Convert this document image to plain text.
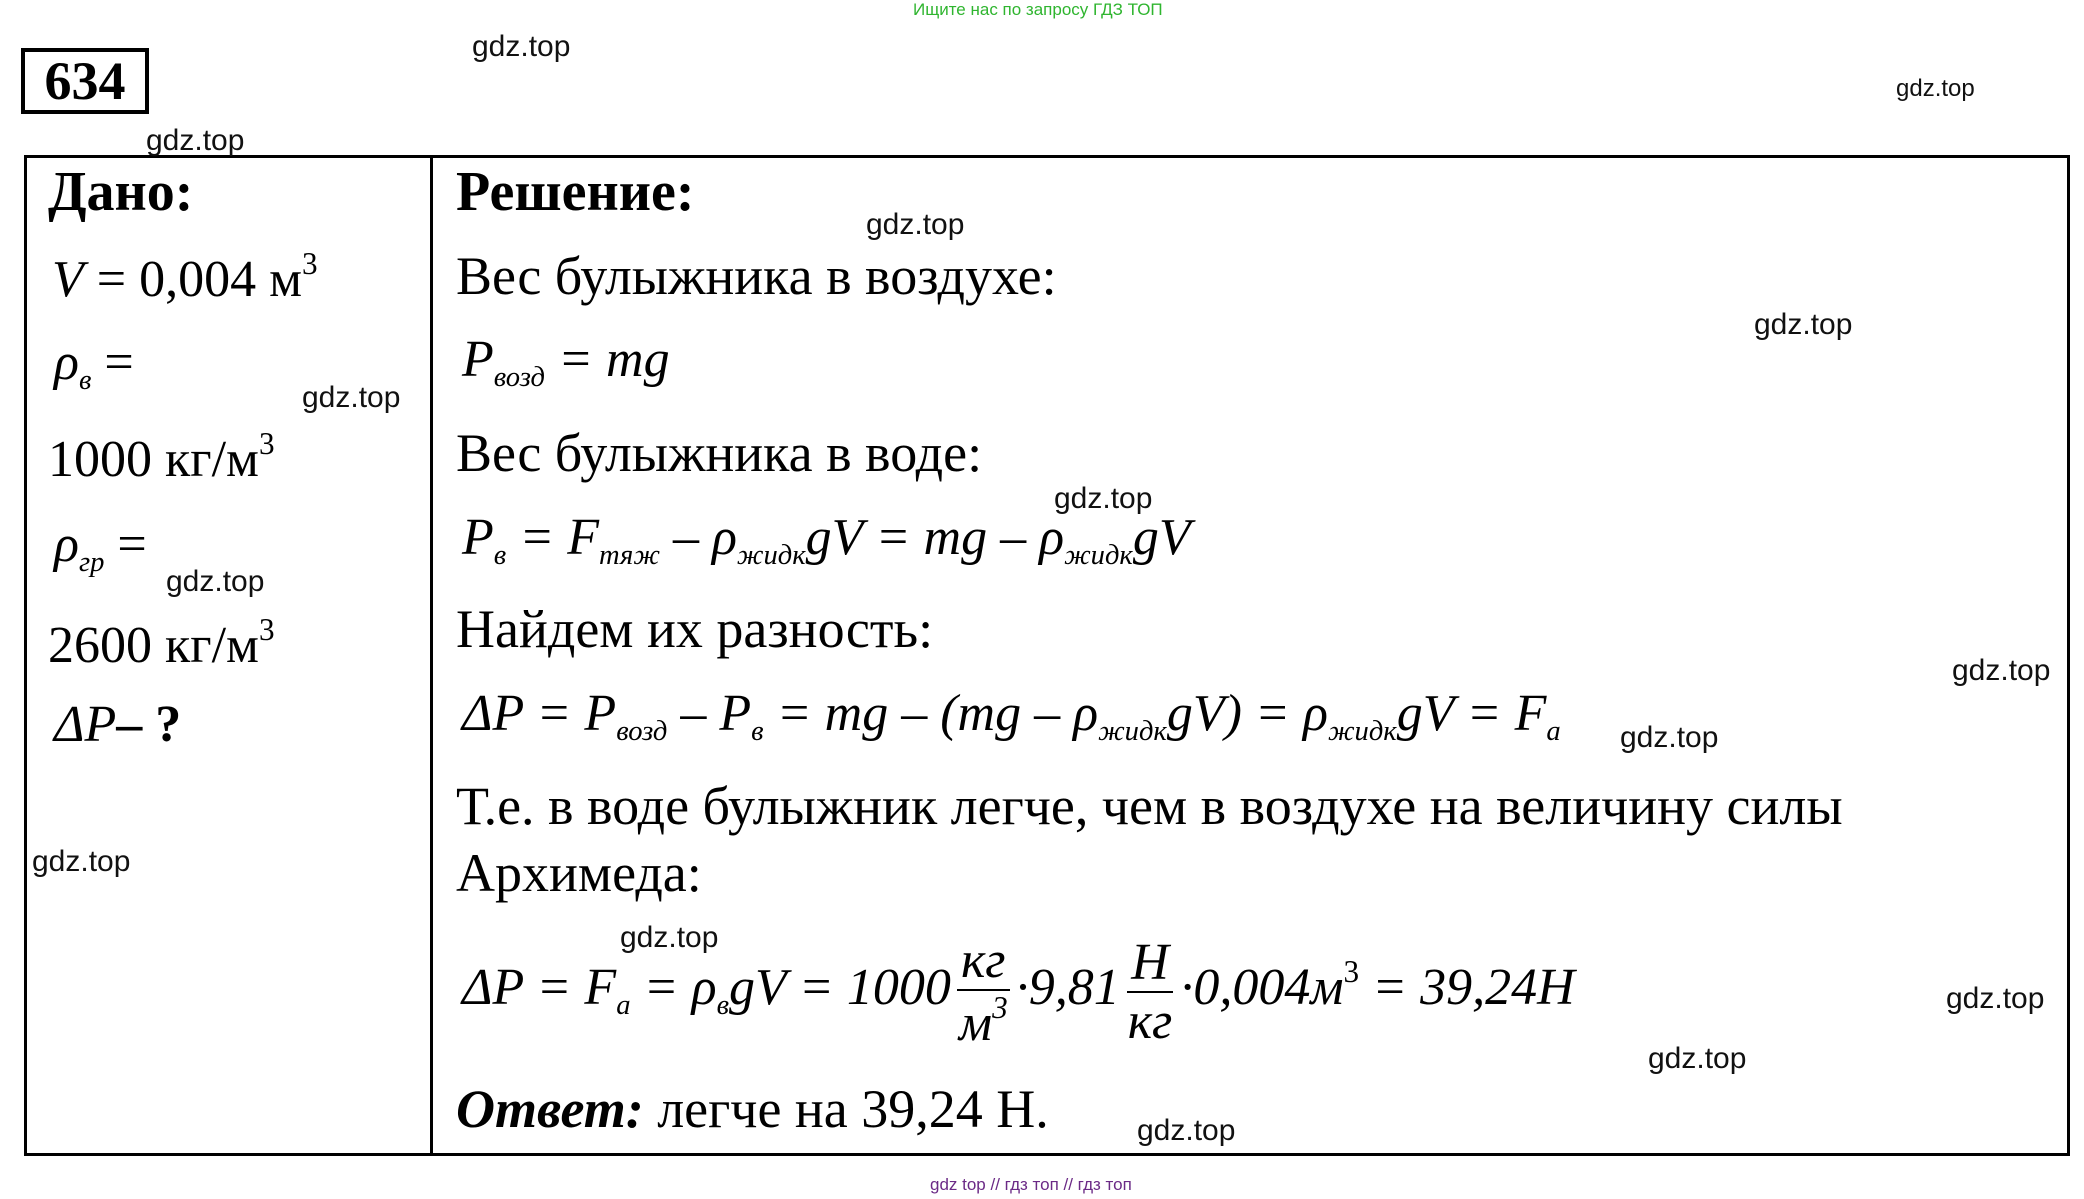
Ищите нас по запросу ГДЗ ТОП
634
Дано:
V = 0,004 $м^3$
$\rho_в$ =
1000 $кг/м^3$
$\rho_{гр}$ =
2600 $кг/м^3$
ΔP– ?
Решение:
Вес булыжника в воздухе:
$P_{возд}$ = mg
Вес булыжника в воде:
$P_в = F_{тяж} - \rho_{жидк}gV$ = mg – $\rho_{жидк}gV$
Найдем их разность:
$\Delta P = P_{возд} - P_в$ = mg – $(mg - \rho_{жидк}gV) = \rho_{жидк}gV = F_а$
Т.е. в воде булыжник легче, чем в воздухе на величину силы
Архимеда:
$\Delta P = F_а = \rho_вgV = 1000 \frac{кг}{м^3} \cdot 9,81 \frac{Н}{кг} \cdot 0,004м^3 = 39,24Н$
Ответ: легче на 39,24 Н.
gdz.top
gdz.top
gdz.top
gdz.top
gdz.top
gdz.top
gdz.top
gdz.top
gdz.top
gdz.top
gdz.top
gdz.top
gdz.top
gdz.top
gdz.top
gdz top // гдз топ // гдз топ
